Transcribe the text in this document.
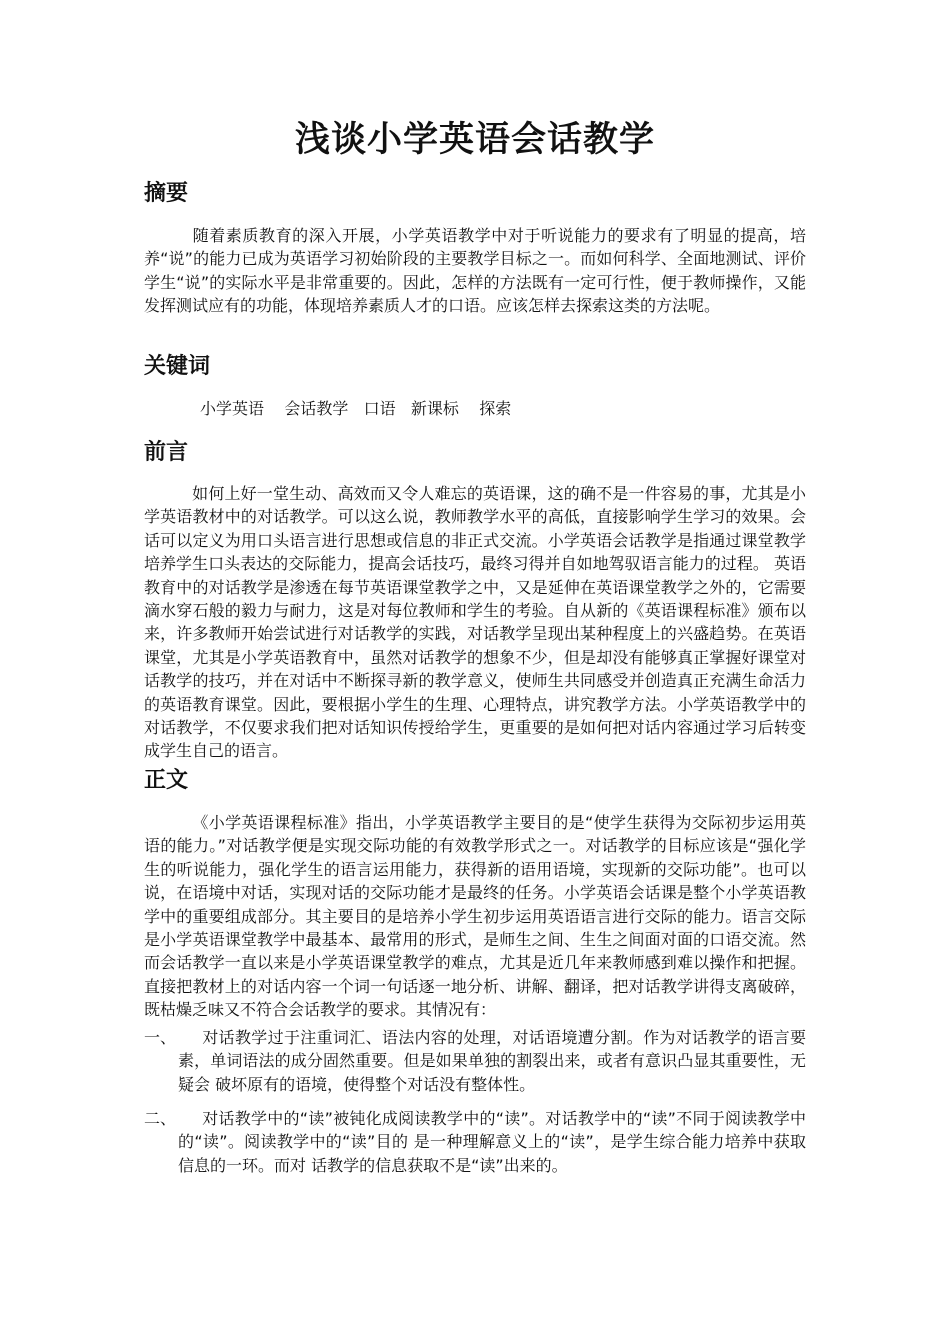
浅谈小学英语会话教学
摘要

随着素质教育的深入开展，小学英语教学中对于听说能力的要求有了明显的提高，培养“说”的能力已成为英语学习初始阶段的主要教学目标之一。而如何科学、全面地测试、评价学生“说”的实际水平是非常重要的。因此，怎样的方法既有一定可行性，便于教师操作，又能发挥测试应有的功能，体现培养素质人才的口语。应该怎样去探索这类的方法呢。

关键词
小学英语    会话教学   口语   新课标    探索
前言

如何上好一堂生动、高效而又令人难忘的英语课，这的确不是一件容易的事，尤其是小学英语教材中的对话教学。可以这么说，教师教学水平的高低，直接影响学生学习的效果。会话可以定义为用口头语言进行思想或信息的非正式交流。小学英语会话教学是指通过课堂教学培养学生口头表达的交际能力，提高会话技巧，最终习得并自如地驾驭语言能力的过程。 英语教育中的对话教学是渗透在每节英语课堂教学之中，又是延伸在英语课堂教学之外的，它需要滴水穿石般的毅力与耐力，这是对每位教师和学生的考验。自从新的《英语课程标准》颁布以来，许多教师开始尝试进行对话教学的实践，对话教学呈现出某种程度上的兴盛趋势。在英语课堂，尤其是小学英语教育中，虽然对话教学的想象不少，但是却没有能够真正掌握好课堂对话教学的技巧，并在对话中不断探寻新的教学意义，使师生共同感受并创造真正充满生命活力的英语教育课堂。因此，要根据小学生的生理、心理特点，讲究教学方法。小学英语教学中的对话教学，不仅要求我们把对话知识传授给学生，更重要的是如何把对话内容通过学习后转变成学生自己的语言。

正文

《小学英语课程标准》指出，小学英语教学主要目的是“使学生获得为交际初步运用英语的能力。”对话教学便是实现交际功能的有效教学形式之一。对话教学的目标应该是“强化学生的听说能力，强化学生的语言运用能力，获得新的语用语境，实现新的交际功能”。也可以说，在语境中对话，实现对话的交际功能才是最终的任务。小学英语会话课是整个小学英语教学中的重要组成部分。其主要目的是培养小学生初步运用英语语言进行交际的能力。语言交际是小学英语课堂教学中最基本、最常用的形式，是师生之间、生生之间面对面的口语交流。然而会话教学一直以来是小学英语课堂教学的难点，尤其是近几年来教师感到难以操作和把握。直接把教材上的对话内容一个词一句话逐一地分析、讲解、翻译，把对话教学讲得支离破碎，既枯燥乏味又不符合会话教学的要求。其情况有：

一、	对话教学过于注重词汇、语法内容的处理，对话语境遭分割。作为对话教学的语言要素，单词语法的成分固然重要。但是如果单独的割裂出来，或者有意识凸显其重要性，无疑会 破坏原有的语境，使得整个对话没有整体性。
二、	对话教学中的“读”被钝化成阅读教学中的“读”。对话教学中的“读”不同于阅读教学中的“读”。阅读教学中的“读”目的 是一种理解意义上的“读”，是学生综合能力培养中获取信息的一环。而对 话教学的信息获取不是“读”出来的。
